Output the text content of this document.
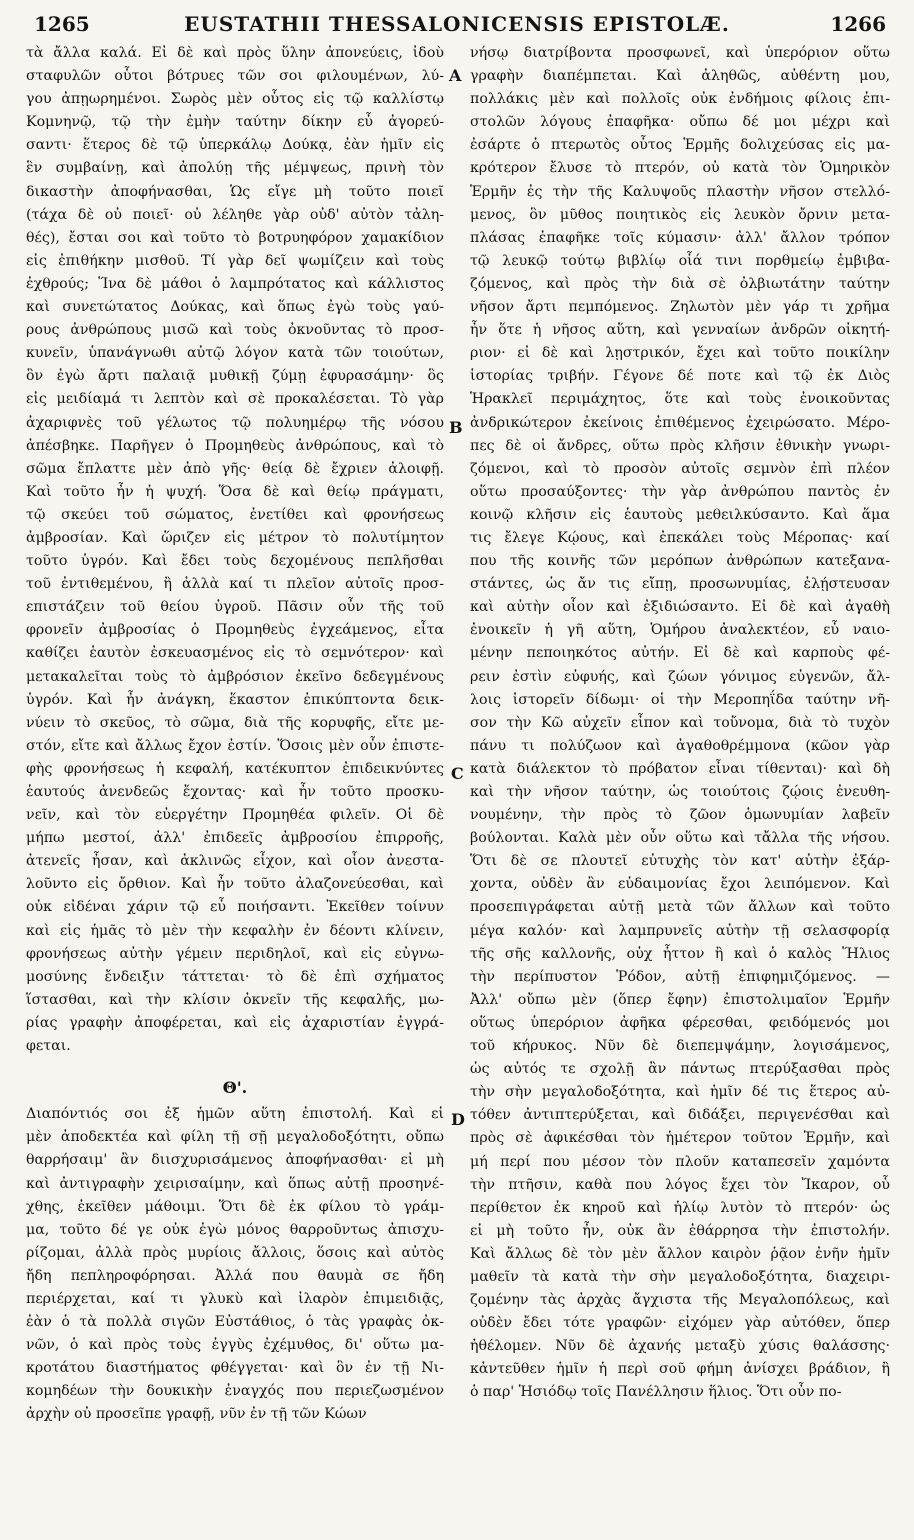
1265	EUSTATHII THESSALONICENSIS EPISTOLÆ.	1266
A
B
C
D
τὰ ἄλλα καλά. Εἰ δὲ καὶ πρὸς ὕλην ἀπονεύεις, ἰδοὺ
σταφυλῶν οὗτοι βότρυες τῶν σοι φιλουμένων, λύ-
γου ἀπῃωρημένοι. Σωρὸς μὲν οὗτος εἰς τῷ καλλίστῳ
Κομνηνῷ, τῷ τὴν ἐμὴν ταύτην δίκην εὖ ἀγορεύ-
σαντι· ἕτερος δὲ τῷ ὑπερκάλῳ Δούκᾳ, ἐὰν ἡμῖν εἰς
ἓν συμβαίνῃ, καὶ ἀπολύῃ τῆς μέμψεως, πρινὴ τὸν
δικαστὴν ἀποφήνασθαι, Ὡς εἴγε μὴ τοῦτο ποιεῖ
(τάχα δὲ οὐ ποιεῖ· οὐ λέληθε γὰρ οὐδ' αὐτὸν τἀλη-
θές), ἔσται σοι καὶ τοῦτο τὸ βοτρυηφόρον χαμακίδιον
εἰς ἐπιθήκην μισθοῦ. Τί γὰρ δεῖ ψωμίζειν καὶ τοὺς
ἐχθρούς; Ἵνα δὲ μάθοι ὁ λαμπρότατος καὶ κάλλιστος
καὶ συνετώτατος Δούκας, καὶ ὅπως ἐγὼ τοὺς γαύ-
ρους ἀνθρώπους μισῶ καὶ τοὺς ὀκνοῦντας τὸ προσ-
κυνεῖν, ὑπανάγνωθι αὐτῷ λόγον κατὰ τῶν τοιούτων,
ὃν ἐγὼ ἄρτι παλαιᾷ μυθικῇ ζύμῃ ἐφυρασάμην· ὃς
εἰς μειδίαμά τι λεπτὸν καὶ σὲ προκαλέσεται. Τὸ γὰρ
ἀχαριφνὲς τοῦ γέλωτος τῷ πολυημέρῳ τῆς νόσου
ἀπέσβηκε. Παρῆγεν ὁ Προμηθεὺς ἀνθρώπους, καὶ τὸ
σῶμα ἔπλαττε μὲν ἀπὸ γῆς· θείᾳ δὲ ἔχριεν ἀλοιφῇ.
Καὶ τοῦτο ἦν ἡ ψυχή. Ὅσα δὲ καὶ θείῳ πράγματι,
τῷ σκεύει τοῦ σώματος, ἐνετίθει καὶ φρονήσεως
ἀμβροσίαν. Καὶ ὥριζεν εἰς μέτρον τὸ πολυτίμητον
τοῦτο ὑγρόν. Καὶ ἔδει τοὺς δεχομένους πεπλῆσθαι
τοῦ ἐντιθεμένου, ἢ ἀλλὰ καί τι πλεῖον αὐτοῖς προσ-
επιστάζειν τοῦ θείου ὑγροῦ. Πᾶσιν οὖν τῆς τοῦ
φρονεῖν ἀμβροσίας ὁ Προμηθεὺς ἐγχεάμενος, εἶτα
καθίζει ἑαυτὸν ἐσκευασμένος εἰς τὸ σεμνότερον· καὶ
μετακαλεῖται τοὺς τὸ ἀμβρόσιον ἐκεῖνο δεδεγμένους
ὑγρόν. Καὶ ἦν ἀνάγκη, ἕκαστον ἐπικύπτοντα δεικ-
νύειν τὸ σκεῦος, τὸ σῶμα, διὰ τῆς κορυφῆς, εἴτε με-
στόν, εἴτε καὶ ἄλλως ἔχον ἐστίν. Ὅσοις μὲν οὖν ἐπιστε-
φὴς φρονήσεως ἡ κεφαλή, κατέκυπτον ἐπιδεικνύντες
ἑαυτούς ἀνενδεῶς ἔχοντας· καὶ ἦν τοῦτο προσκυ-
νεῖν, καὶ τὸν εὐεργέτην Προμηθέα φιλεῖν. Οἱ δὲ
μήπω μεστοί, ἀλλ' ἐπιδεεῖς ἀμβροσίου ἐπιρροῆς,
ἀτενεῖς ἦσαν, καὶ ἀκλινῶς εἶχον, καὶ οἷον ἀνεστα-
λοῦντο εἰς ὄρθιον. Καὶ ἦν τοῦτο ἀλαζονεύεσθαι, καὶ
οὐκ εἰδέναι χάριν τῷ εὖ ποιήσαντι. Ἐκεῖθεν τοίνυν
καὶ εἰς ἡμᾶς τὸ μὲν τὴν κεφαλὴν ἐν δέοντι κλίνειν,
φρονήσεως αὐτὴν γέμειν περιδηλοῖ, καὶ εἰς εὐγνω-
μοσύνης ἔνδειξιν τάττεται· τὸ δὲ ἐπὶ σχήματος
ἵστασθαι, καὶ τὴν κλίσιν ὀκνεῖν τῆς κεφαλῆς, μω-
ρίας γραφὴν ἀποφέρεται, καὶ εἰς ἀχαριστίαν ἐγγρά-
φεται.
Θ'.
Διαπόντιός σοι ἐξ ἡμῶν αὕτη ἐπιστολή. Καὶ εἰ
μὲν ἀποδεκτέα καὶ φίλη τῇ σῇ μεγαλοδοξότητι, οὔπω
θαρρήσαιμ' ἂν διισχυρισάμενος ἀποφήνασθαι· εἰ μὴ
καὶ ἀντιγραφὴν χειρισαίμην, καὶ ὅπως αὐτῇ προσηνέ-
χθης, ἐκεῖθεν μάθοιμι. Ὅτι δὲ ἐκ φίλου τὸ γράμ-
μα, τοῦτο δέ γε οὐκ ἐγὼ μόνος θαρροῦντως ἀπισχυ-
ρίζομαι, ἀλλὰ πρὸς μυρίοις ἄλλοις, ὅσοις καὶ αὐτὸς
ἤδη πεπληροφόρησαι. Ἀλλά που θαυμὰ σε ἤδη
περιέρχεται, καί τι γλυκὺ καὶ ἱλαρὸν ἐπιμειδιᾷς,
ἐὰν ὁ τὰ πολλὰ σιγῶν Εὐστάθιος, ὁ τὰς γραφὰς ὀκ-
νῶν, ὁ καὶ πρὸς τοὺς ἐγγὺς ἐχέμυθος, δι' οὕτω μα-
κροτάτου διαστήματος φθέγγεται· καὶ ὃν ἐν τῇ Νι-
κομηδέων τὴν δουκικὴν ἐναγχός που περιεζωσμένον
ἀρχὴν οὐ προσεῖπε γραφῇ, νῦν ἐν τῇ τῶν Κώων
νήσῳ διατρίβοντα προσφωνεῖ, καὶ ὑπερόριον οὕτω
γραφὴν διαπέμπεται. Καὶ ἀληθῶς, αὐθέντη μου,
πολλάκις μὲν καὶ πολλοῖς οὐκ ἐνδήμοις φίλοις ἐπι-
στολῶν λόγους ἐπαφῆκα· οὔπω δέ μοι μέχρι καὶ
ἐσάρτε ὁ πτερωτὸς οὗτος Ἑρμῆς δολιχεύσας εἰς μα-
κρότερον ἔλυσε τὸ πτερόν, οὐ κατὰ τὸν Ὁμηρικὸν
Ἑρμῆν ἐς τὴν τῆς Καλυψοῦς πλαστὴν νῆσον στελλό-
μενος, ὃν μῦθος ποιητικὸς εἰς λευκὸν ὄρνιν μετα-
πλάσας ἐπαφῆκε τοῖς κύμασιν· ἀλλ' ἄλλον τρόπον
τῷ λευκῷ τούτῳ βιβλίῳ οἷά τινι πορθμείῳ ἐμβιβα-
ζόμενος, καὶ πρὸς τὴν διὰ σὲ ὀλβιωτάτην ταύτην
νῆσον ἄρτι πεμπόμενος. Ζηλωτὸν μὲν γάρ τι χρῆμα
ἦν ὅτε ἡ νῆσος αὕτη, καὶ γενναίων ἀνδρῶν οἰκητή-
ριον· εἰ δὲ καὶ λῃστρικόν, ἔχει καὶ τοῦτο ποικίλην
ἱστορίας τριβήν. Γέγονε δέ ποτε καὶ τῷ ἐκ Διὸς
Ἡρακλεῖ περιμάχητος, ὅτε καὶ τοὺς ἐνοικοῦντας
ἀνδρικώτερον ἐκείνοις ἐπιθέμενος ἐχειρώσατο. Μέρο-
πες δὲ οἱ ἄνδρες, οὕτω πρὸς κλῆσιν ἐθνικὴν γνωρι-
ζόμενοι, καὶ τὸ προσὸν αὐτοῖς σεμνὸν ἐπὶ πλέον
οὕτω προσαύξοντες· τὴν γὰρ ἀνθρώπου παντὸς ἐν
κοινῷ κλῆσιν εἰς ἑαυτοὺς μεθειλκύσαντο. Καὶ ἅμα
τις ἔλεγε Κῴους, καὶ ἐπεκάλει τοὺς Μέροπας· καί
που τῆς κοινῆς τῶν μερόπων ἀνθρώπων κατεξανα-
στάντες, ὡς ἄν τις εἴπῃ, προσωνυμίας, ἐλῄστευσαν
καὶ αὐτὴν οἷον καὶ ἐξιδιώσαντο. Εἰ δὲ καὶ ἀγαθὴ
ἐνοικεῖν ἡ γῆ αὕτη, Ὁμήρου ἀναλεκτέον, εὖ ναιο-
μένην πεποιηκότος αὐτήν. Εἰ δὲ καὶ καρποὺς φέ-
ρειν ἐστὶν εὐφυής, καὶ ζώων γόνιμος εὐγενῶν, ἄλ-
λοις ἱστορεῖν δίδωμι· οἱ τὴν Μεροπηΐδα ταύτην νῆ-
σον τὴν Κῶ αὐχεῖν εἶπον καὶ τοὔνομα, διὰ τὸ τυχὸν
πάνυ τι πολύζωον καὶ ἀγαθοθρέμμονα (κῶον γὰρ
κατὰ διάλεκτον τὸ πρόβατον εἶναι τίθενται)· καὶ δὴ
καὶ τὴν νῆσον ταύτην, ὡς τοιούτοις ζῴοις ἐνευθη-
νουμένην, τὴν πρὸς τὸ ζῶον ὁμωνυμίαν λαβεῖν
βούλονται. Καλὰ μὲν οὖν οὕτω καὶ τἄλλα τῆς νήσου.
Ὅτι δὲ σε πλουτεῖ εὐτυχὴς τὸν κατ' αὐτὴν ἐξάρ-
χοντα, οὐδὲν ἂν εὐδαιμονίας ἔχοι λειπόμενον. Καὶ
προσεπιγράφεται αὐτῇ μετὰ τῶν ἄλλων καὶ τοῦτο
μέγα καλόν· καὶ λαμπρυνεῖς αὐτὴν τῇ σελασφορίᾳ
τῆς σῆς καλλονῆς, οὐχ ἧττον ἢ καὶ ὁ καλὸς Ἥλιος
τὴν περίπυστον Ῥόδον, αὐτῇ ἐπιφημιζόμενος. —
Ἀλλ' οὔπω μὲν (ὅπερ ἔφην) ἐπιστολιμαῖον Ἑρμῆν
οὕτως ὑπερόριον ἀφῆκα φέρεσθαι, φειδόμενός μοι
τοῦ κήρυκος. Νῦν δὲ διεπεμψάμην, λογισάμενος,
ὡς αὐτός τε σχολῇ ἂν πάντως πτερύξασθαι πρὸς
τὴν σὴν μεγαλοδοξότητα, καὶ ἡμῖν δέ τις ἕτερος αὐ-
τόθεν ἀντιπτερύξεται, καὶ διδάξει, περιγενέσθαι καὶ
πρὸς σὲ ἀφικέσθαι τὸν ἡμέτερον τοῦτον Ἑρμῆν, καὶ
μή περί που μέσον τὸν πλοῦν καταπεσεῖν χαμόντα
τὴν πτῆσιν, καθὰ που λόγος ἔχει τὸν Ἴκαρον, οὗ
περίθετον ἐκ κηροῦ καὶ ἡλίῳ λυτὸν τὸ πτερόν· ὡς
εἰ μὴ τοῦτο ἦν, οὐκ ἂν ἐθάρρησα τὴν ἐπιστολήν.
Καὶ ἄλλως δὲ τὸν μὲν ἄλλον καιρὸν ῥᾷον ἐνῆν ἡμῖν
μαθεῖν τὰ κατὰ τὴν σὴν μεγαλοδοξότητα, διαχειρι-
ζομένην τὰς ἀρχὰς ἄγχιστα τῆς Μεγαλοπόλεως, καὶ
οὐδὲν ἔδει τότε γραφῶν· εἰχόμεν γὰρ αὐτόθεν, ὅπερ
ἠθέλομεν. Νῦν δὲ ἀχανής μεταξὺ χύσις θαλάσσης·
κἀντεῦθεν ἡμῖν ἡ περὶ σοῦ φήμη ἀνίσχει βράδιον, ἢ
ὁ παρ' Ἡσιόδῳ τοῖς Πανέλλησιν ἥλιος. Ὅτι οὖν πο-
